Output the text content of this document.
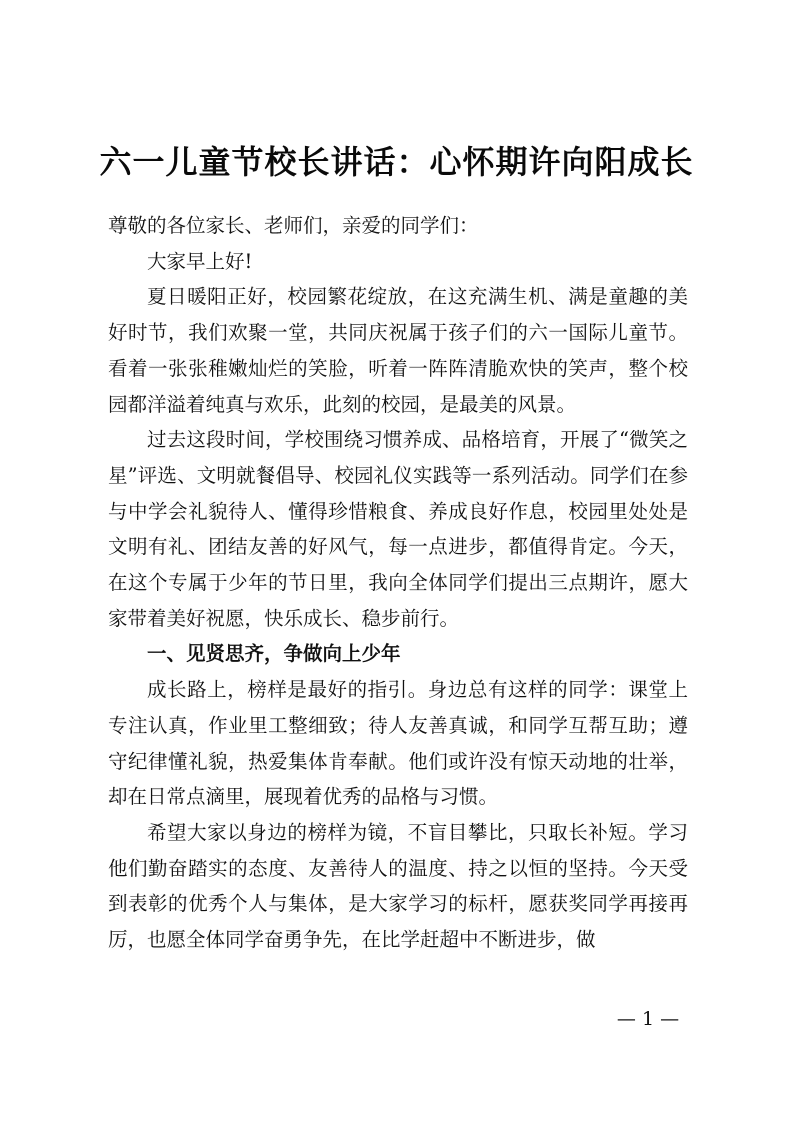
六一儿童节校长讲话：心怀期许向阳成长

尊敬的各位家长、老师们，亲爱的同学们：

大家早上好!

夏日暖阳正好，校园繁花绽放，在这充满生机、满是童趣的美好时节，我们欢聚一堂，共同庆祝属于孩子们的六一国际儿童节。看着一张张稚嫩灿烂的笑脸，听着一阵阵清脆欢快的笑声，整个校园都洋溢着纯真与欢乐，此刻的校园，是最美的风景。

过去这段时间，学校围绕习惯养成、品格培育，开展了“微笑之星”评选、文明就餐倡导、校园礼仪实践等一系列活动。同学们在参与中学会礼貌待人、懂得珍惜粮食、养成良好作息，校园里处处是文明有礼、团结友善的好风气，每一点进步，都值得肯定。今天，在这个专属于少年的节日里，我向全体同学们提出三点期许，愿大家带着美好祝愿，快乐成长、稳步前行。

一、见贤思齐，争做向上少年

成长路上，榜样是最好的指引。身边总有这样的同学：课堂上专注认真，作业里工整细致；待人友善真诚，和同学互帮互助；遵守纪律懂礼貌，热爱集体肯奉献。他们或许没有惊天动地的壮举，却在日常点滴里，展现着优秀的品格与习惯。

希望大家以身边的榜样为镜，不盲目攀比，只取长补短。学习他们勤奋踏实的态度、友善待人的温度、持之以恒的坚持。今天受到表彰的优秀个人与集体，是大家学习的标杆，愿获奖同学再接再厉，也愿全体同学奋勇争先，在比学赶超中不断进步，做

— 1 —
